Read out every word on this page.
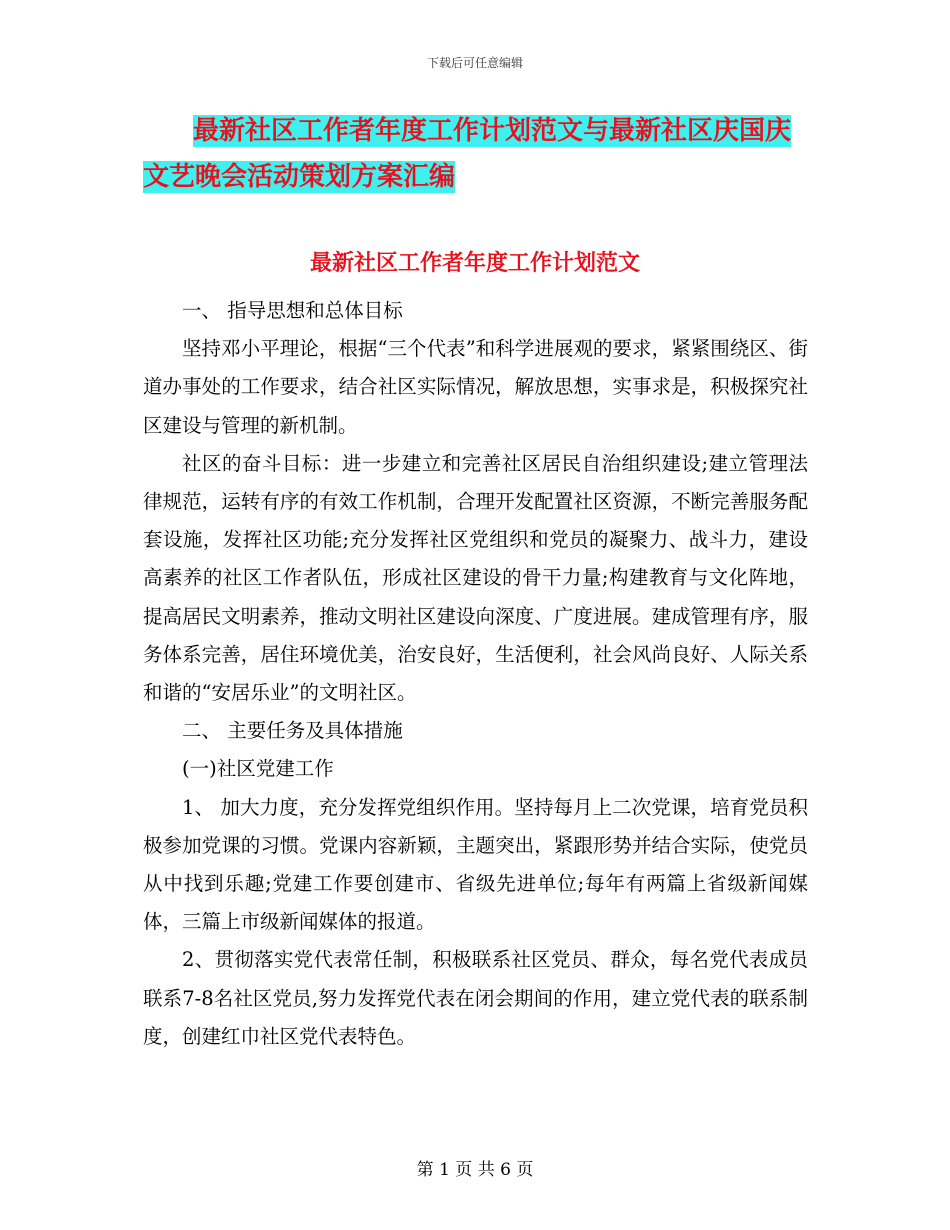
下载后可任意编辑
最新社区工作者年度工作计划范文与最新社区庆国庆
文艺晚会活动策划方案汇编
最新社区工作者年度工作计划范文

一、 指导思想和总体目标

坚持邓小平理论，根据“三个代表”和科学进展观的要求，紧紧围绕区、街道办事处的工作要求，结合社区实际情况，解放思想，实事求是，积极探究社区建设与管理的新机制。

社区的奋斗目标：进一步建立和完善社区居民自治组织建设;建立管理法律规范，运转有序的有效工作机制，合理开发配置社区资源，不断完善服务配套设施，发挥社区功能;充分发挥社区党组织和党员的凝聚力、战斗力，建设高素养的社区工作者队伍，形成社区建设的骨干力量;构建教育与文化阵地，提高居民文明素养，推动文明社区建设向深度、广度进展。建成管理有序，服务体系完善，居住环境优美，治安良好，生活便利，社会风尚良好、人际关系和谐的“安居乐业”的文明社区。

二、 主要任务及具体措施

(一)社区党建工作

1、 加大力度，充分发挥党组织作用。坚持每月上二次党课，培育党员积极参加党课的习惯。党课内容新颖，主题突出，紧跟形势并结合实际，使党员从中找到乐趣;党建工作要创建市、省级先进单位;每年有两篇上省级新闻媒体，三篇上市级新闻媒体的报道。

2、贯彻落实党代表常任制，积极联系社区党员、群众，每名党代表成员联系7-8名社区党员,努力发挥党代表在闭会期间的作用，建立党代表的联系制度，创建红巾社区党代表特色。

第 1 页 共 6 页
